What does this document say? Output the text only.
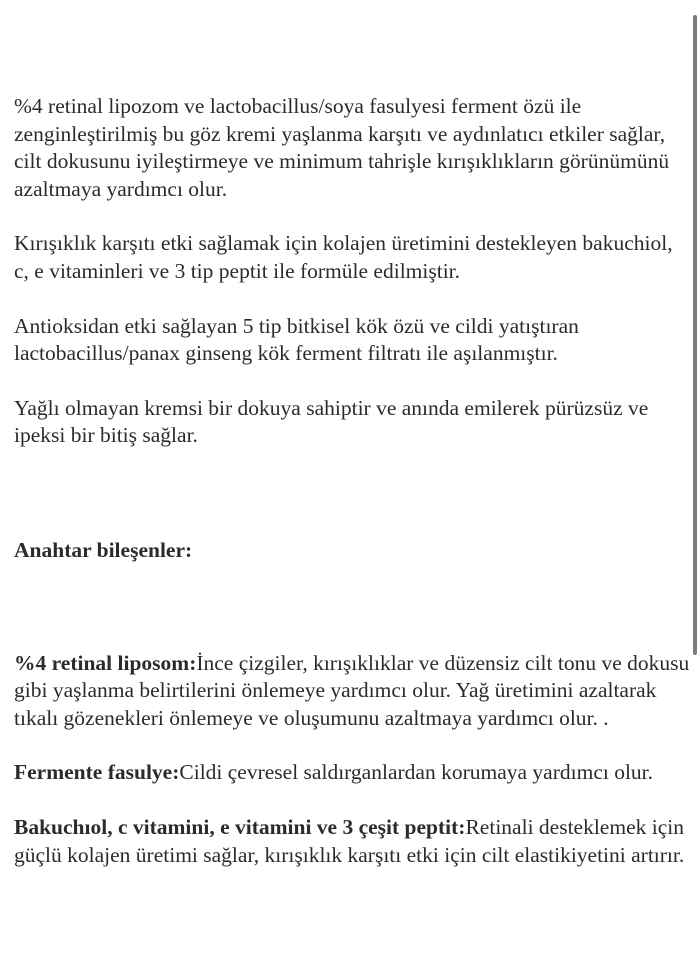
%4 retinal lipozom ve lactobacillus/soya fasulyesi ferment özü ile zenginleştirilmiş bu göz kremi yaşlanma karşıtı ve aydınlatıcı etkiler sağlar, cilt dokusunu iyileştirmeye ve minimum tahrişle kırışıklıkların görünümünü azaltmaya yardımcı olur.

Kırışıklık karşıtı etki sağlamak için kolajen üretimini destekleyen bakuchiol, c, e vitaminleri ve 3 tip peptit ile formüle edilmiştir.

Antioksidan etki sağlayan 5 tip bitkisel kök özü ve cildi yatıştıran lactobacillus/panax ginseng kök ferment filtratı ile aşılanmıştır.

Yağlı olmayan kremsi bir dokuya sahiptir ve anında emilerek pürüzsüz ve ipeksi bir bitiş sağlar.

Anahtar bileşenler:

%4 retinal liposom:İnce çizgiler, kırışıklıklar ve düzensiz cilt tonu ve dokusu gibi yaşlanma belirtilerini önlemeye yardımcı olur. Yağ üretimini azaltarak tıkalı gözenekleri önlemeye ve oluşumunu azaltmaya yardımcı olur. .

Fermente fasulye:Cildi çevresel saldırganlardan korumaya yardımcı olur.

Bakuchıol, c vitamini, e vitamini ve 3 çeşit peptit:Retinali desteklemek için güçlü kolajen üretimi sağlar, kırışıklık karşıtı etki için cilt elastikiyetini artırır.
